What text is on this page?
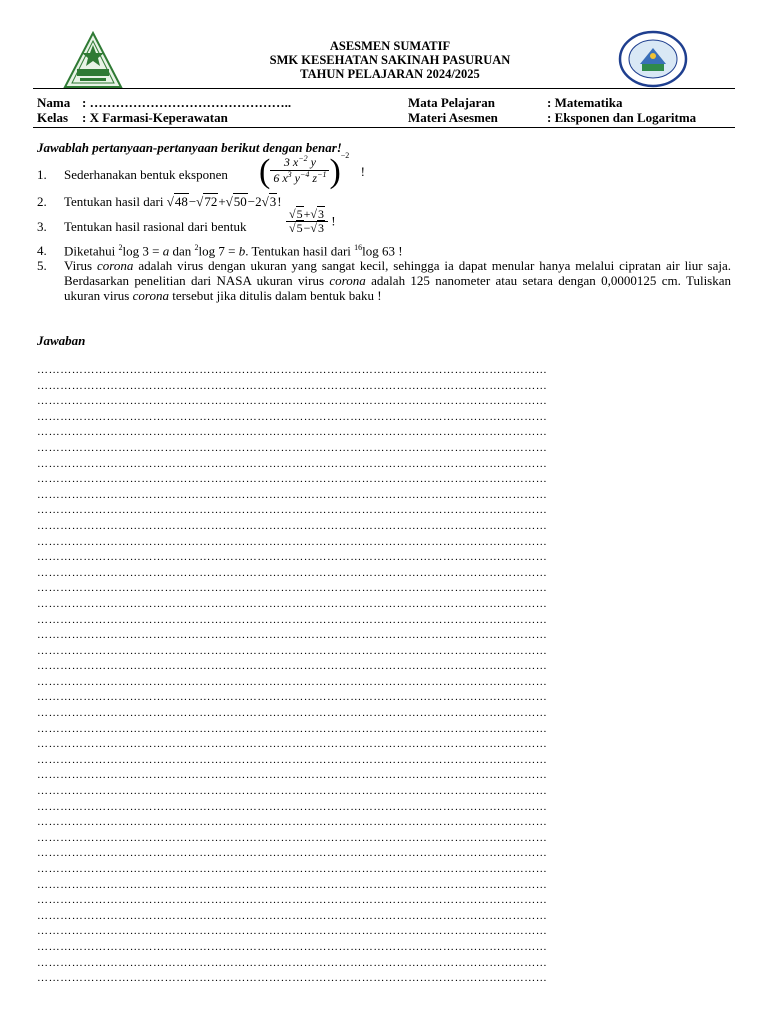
ASESMEN SUMATIF
SMK KESEHATAN SAKINAH PASURUAN
TAHUN PELAJARAN 2024/2025
Nama : ………………………………………..
Kelas : X Farmasi-Keperawatan
Mata Pelajaran	: Matematika
Materi Asesmen	: Eksponen dan Logaritma
Jawablah pertanyaan-pertanyaan berikut dengan benar!
1. Sederhanakan bentuk eksponen ( $\frac{3 x^{-2} y}{6 x^3 y^{-4} z^{-1}} )^{-2}$ !
2. Tentukan hasil dari √48−√72+√50−2√3!
3. Tentukan hasil rasional dari bentuk	$\frac{√5+√3}{√5-√3}$ !
4. Diketahui $^2$log 3 = a dan $^2$log 7 = b. Tentukan hasil dari $^{16}$log 63 !
5. Virus corona adalah virus dengan ukuran yang sangat kecil, sehingga ia dapat menular hanya melalui cipratan air liur saja. Berdasarkan penelitian dari NASA ukuran virus corona adalah 125 nanometer atau setara dengan 0,0000125 cm. Tuliskan ukuran virus corona tersebut jika ditulis dalam bentuk baku !
Jawaban
……………………………………………………………………………………………………………………
……………………………………………………………………………………………………………………
……………………………………………………………………………………………………………………
……………………………………………………………………………………………………………………
……………………………………………………………………………………………………………………
……………………………………………………………………………………………………………………
……………………………………………………………………………………………………………………
……………………………………………………………………………………………………………………
……………………………………………………………………………………………………………………
……………………………………………………………………………………………………………………
……………………………………………………………………………………………………………………
……………………………………………………………………………………………………………………
……………………………………………………………………………………………………………………
……………………………………………………………………………………………………………………
……………………………………………………………………………………………………………………
……………………………………………………………………………………………………………………
……………………………………………………………………………………………………………………
……………………………………………………………………………………………………………………
……………………………………………………………………………………………………………………
……………………………………………………………………………………………………………………
……………………………………………………………………………………………………………………
……………………………………………………………………………………………………………………
……………………………………………………………………………………………………………………
……………………………………………………………………………………………………………………
……………………………………………………………………………………………………………………
……………………………………………………………………………………………………………………
……………………………………………………………………………………………………………………
……………………………………………………………………………………………………………………
……………………………………………………………………………………………………………………
……………………………………………………………………………………………………………………
……………………………………………………………………………………………………………………
……………………………………………………………………………………………………………………
……………………………………………………………………………………………………………………
……………………………………………………………………………………………………………………
……………………………………………………………………………………………………………………
……………………………………………………………………………………………………………………
……………………………………………………………………………………………………………………
……………………………………………………………………………………………………………………
……………………………………………………………………………………………………………………
……………………………………………………………………………………………………………………
